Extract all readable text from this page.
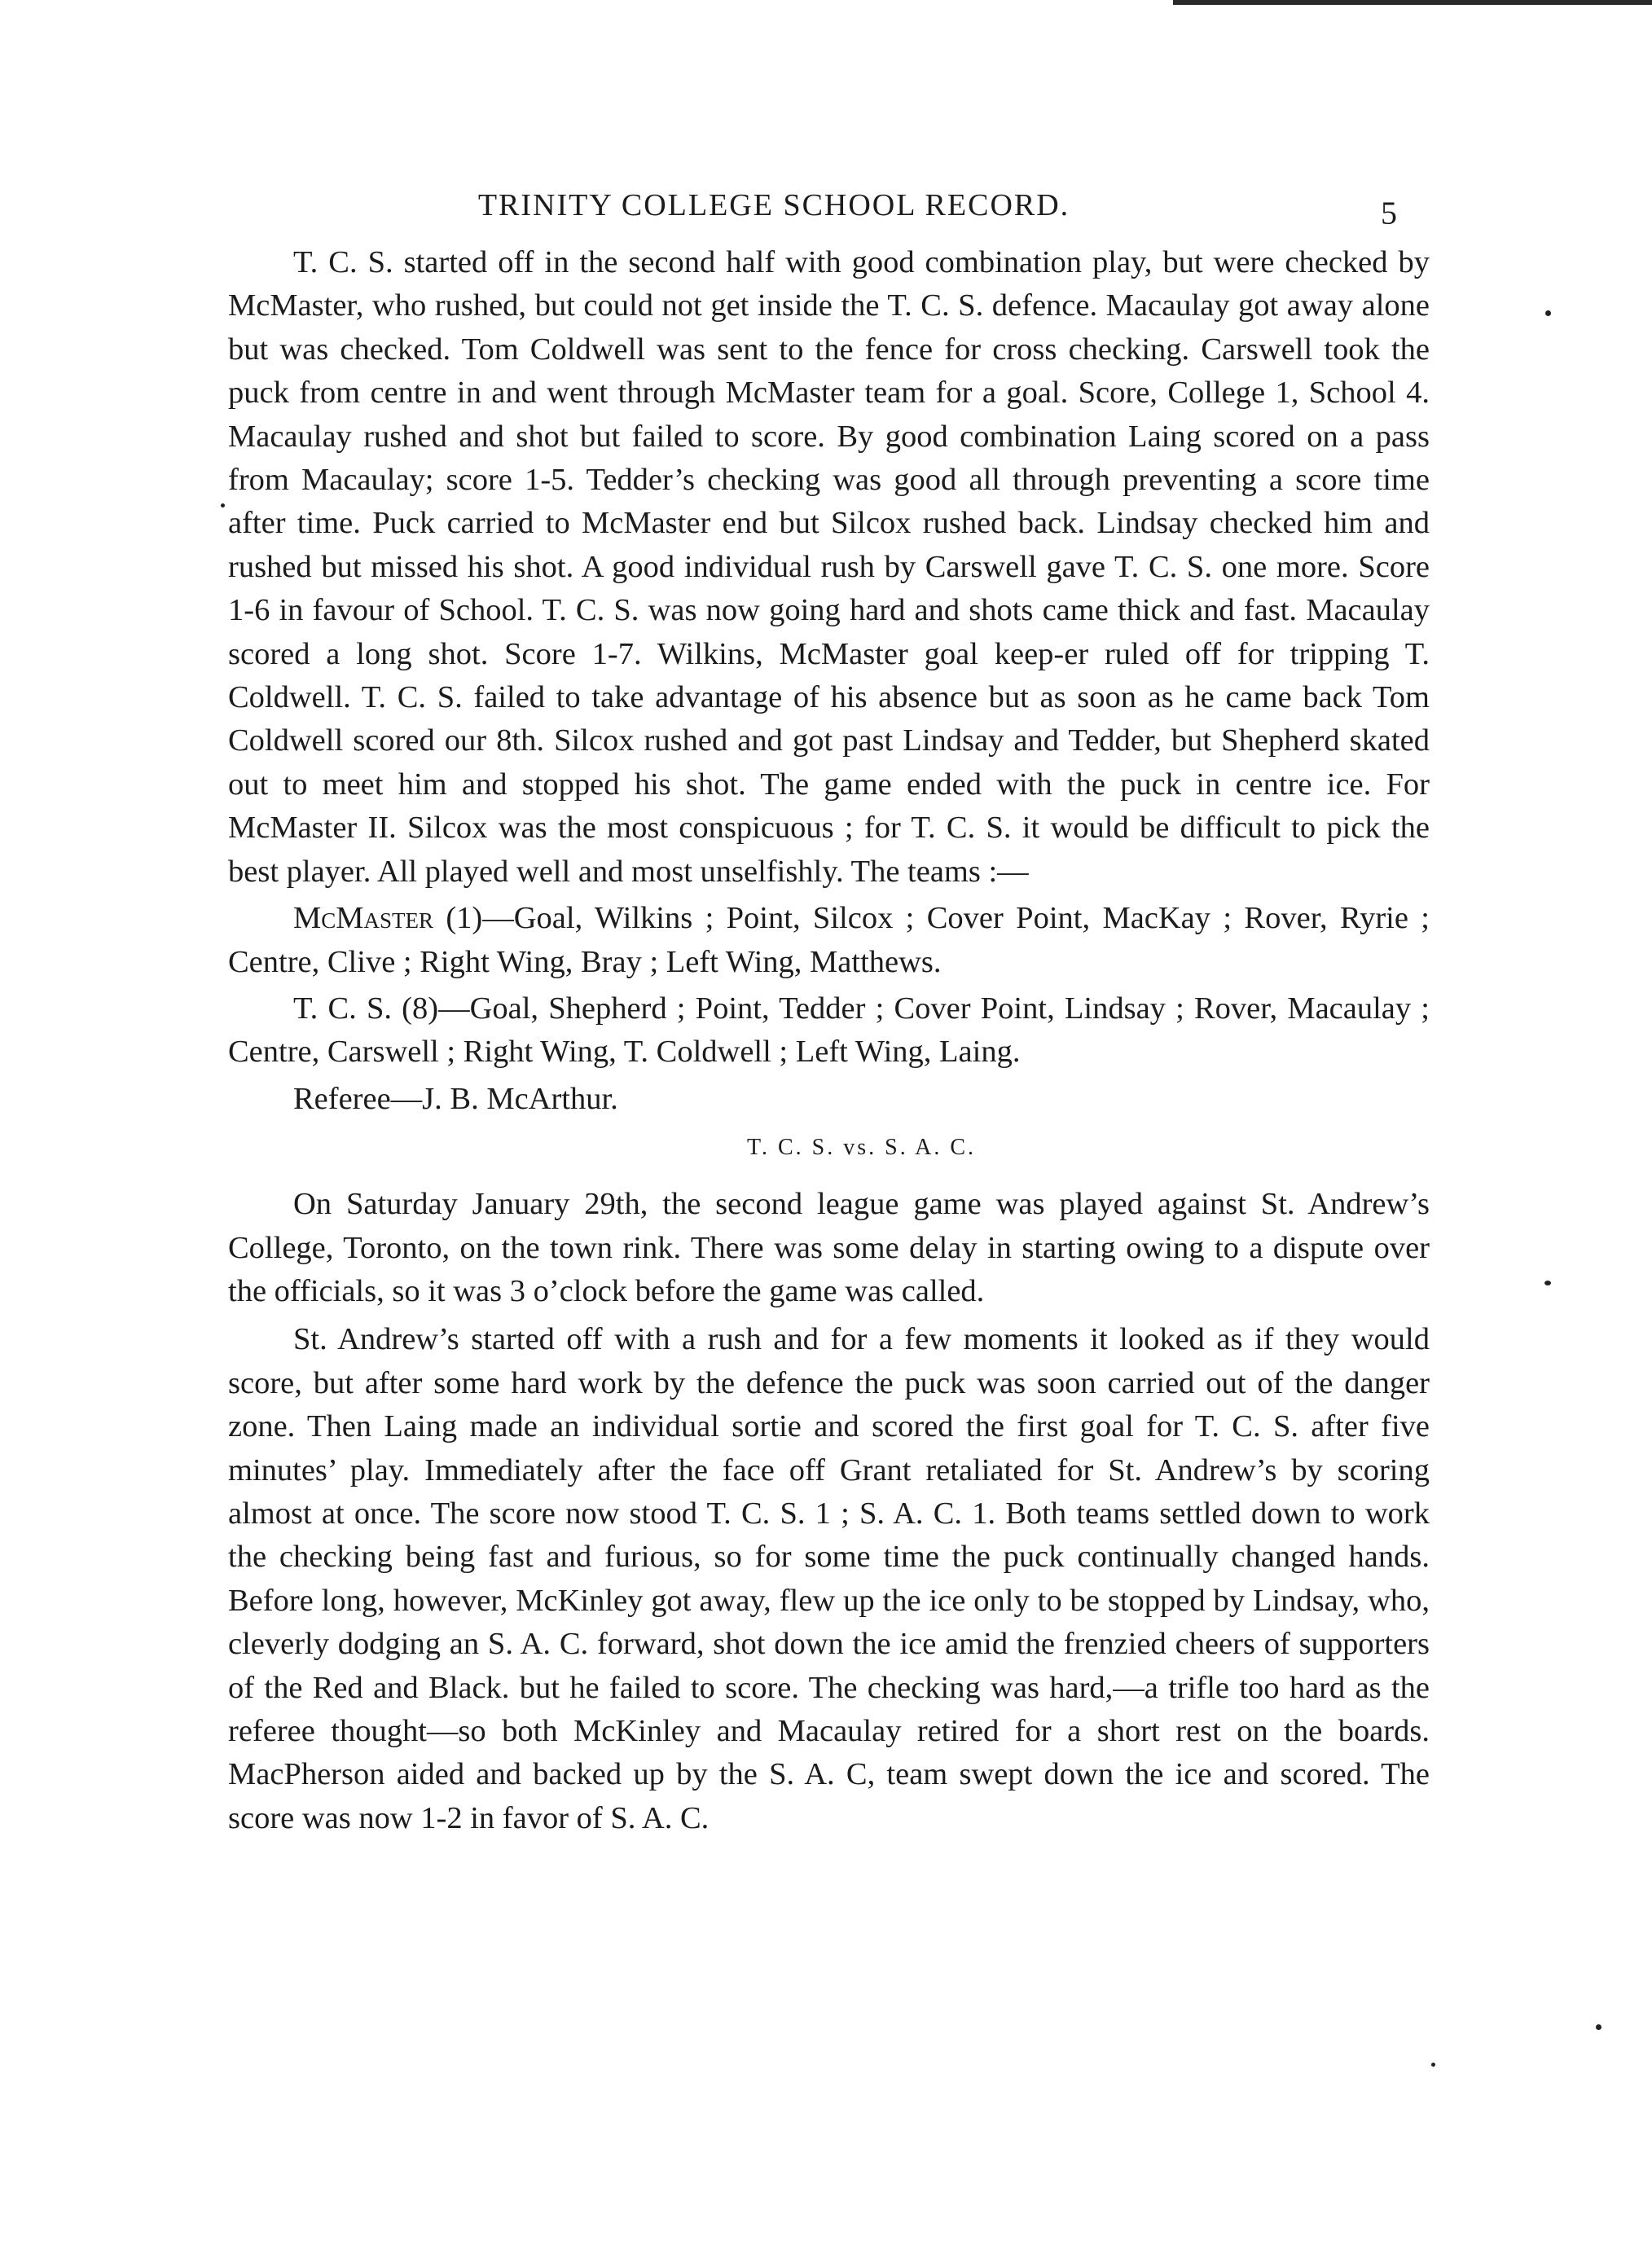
TRINITY COLLEGE SCHOOL RECORD.	5

T. C. S. started off in the second half with good combination play, but were checked by McMaster, who rushed, but could not get inside the T. C. S. defence. Macaulay got away alone but was checked. Tom Coldwell was sent to the fence for cross checking. Carswell took the puck from centre in and went through McMaster team for a goal. Score, College 1, School 4. Macaulay rushed and shot but failed to score. By good combination Laing scored on a pass from Macaulay; score 1-5. Tedder’s checking was good all through preventing a score time after time. Puck carried to McMaster end but Silcox rushed back. Lindsay checked him and rushed but missed his shot. A good individual rush by Carswell gave T. C. S. one more. Score 1-6 in favour of School. T. C. S. was now going hard and shots came thick and fast. Macaulay scored a long shot. Score 1-7. Wilkins, McMaster goal keep-er ruled off for tripping T. Coldwell. T. C. S. failed to take advantage of his absence but as soon as he came back Tom Coldwell scored our 8th. Silcox rushed and got past Lindsay and Tedder, but Shepherd skated out to meet him and stopped his shot. The game ended with the puck in centre ice. For McMaster II. Silcox was the most conspicuous ; for T. C. S. it would be difficult to pick the best player. All played well and most unselfishly. The teams :—

McMaster (1)—Goal, Wilkins ; Point, Silcox ; Cover Point, MacKay ; Rover, Ryrie ; Centre, Clive ; Right Wing, Bray ; Left Wing, Matthews.

T. C. S. (8)—Goal, Shepherd ; Point, Tedder ; Cover Point, Lindsay ; Rover, Macaulay ; Centre, Carswell ; Right Wing, T. Coldwell ; Left Wing, Laing.

Referee—J. B. McArthur.

T. C. S. vs. S. A. C.

On Saturday January 29th, the second league game was played against St. Andrew’s College, Toronto, on the town rink. There was some delay in starting owing to a dispute over the officials, so it was 3 o’clock before the game was called.

St. Andrew’s started off with a rush and for a few moments it looked as if they would score, but after some hard work by the defence the puck was soon carried out of the danger zone. Then Laing made an individual sortie and scored the first goal for T. C. S. after five minutes’ play. Immediately after the face off Grant retaliated for St. Andrew’s by scoring almost at once. The score now stood T. C. S. 1 ; S. A. C. 1. Both teams settled down to work the checking being fast and furious, so for some time the puck continually changed hands. Before long, however, McKinley got away, flew up the ice only to be stopped by Lindsay, who, cleverly dodging an S. A. C. forward, shot down the ice amid the frenzied cheers of supporters of the Red and Black. but he failed to score. The checking was hard,—a trifle too hard as the referee thought—so both McKinley and Macaulay retired for a short rest on the boards. MacPherson aided and backed up by the S. A. C, team swept down the ice and scored. The score was now 1-2 in favor of S. A. C.
